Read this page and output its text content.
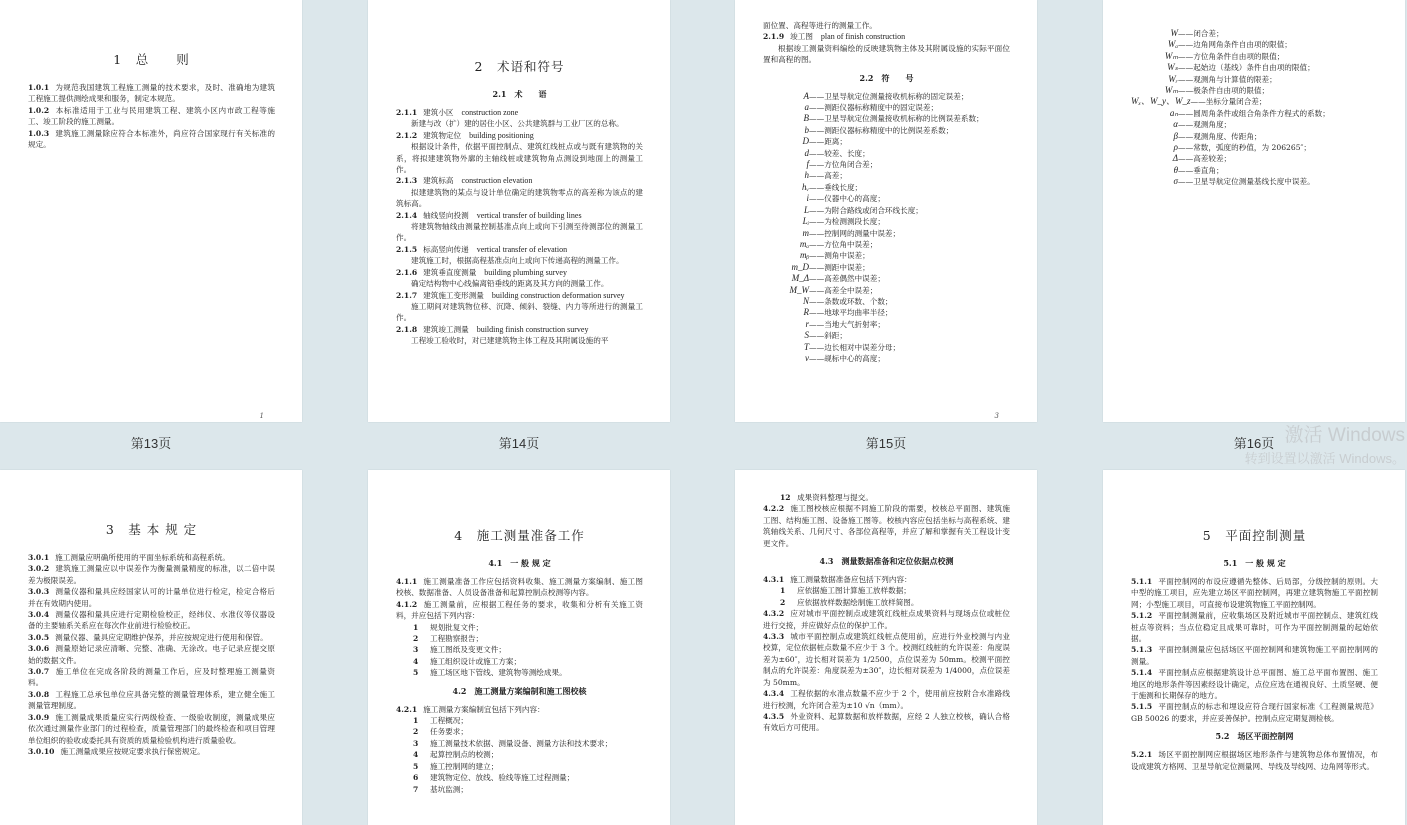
1　总　　则

1.0.1 为规范我国建筑工程施工测量的技术要求，及时、准确地为建筑工程施工提供测绘成果和服务，制定本规范。

1.0.2 本标准适用于工业与民用建筑工程、建筑小区内市政工程等施工、竣工阶段的施工测量。

1.0.3 建筑施工测量除应符合本标准外，尚应符合国家现行有关标准的规定。

1
第13页
2　术语和符号
2.1　术　　语

2.1.1 建筑小区 construction zone

新建与改（扩）建的居住小区、公共建筑群与工业厂区的总称。

2.1.2 建筑物定位 building positioning

根据设计条件，依据平面控制点、建筑红线桩点或与既有建筑物的关系，将拟建建筑物外廓的主轴线桩或建筑物角点测设到地面上的测量工作。

2.1.3 建筑标高 construction elevation

拟建建筑物的某点与设计单位确定的建筑物零点的高差称为该点的建筑标高。

2.1.4 轴线竖向投测 vertical transfer of building lines

将建筑物轴线由测量控制基准点向上或向下引测至待测部位的测量工作。

2.1.5 标高竖向传递 vertical transfer of elevation

建筑施工时，根据高程基准点向上或向下传递高程的测量工作。

2.1.6 建筑垂直度测量 building plumbing survey

确定结构物中心线偏离铅垂线的距离及其方向的测量工作。

2.1.7 建筑施工变形测量 building construction deformation survey

施工期间对建筑物位移、沉降、倾斜、裂缝、内力等所进行的测量工作。

2.1.8 建筑竣工测量 building finish construction survey

工程竣工验收时，对已建建筑物主体工程及其附属设施的平

第14页

面位置、高程等进行的测量工作。

2.1.9 竣工图 plan of finish construction

根据竣工测量资料编绘的反映建筑物主体及其附属设施的实际平面位置和高程的图。

2.2　符　　号
A——卫星导航定位测量接收机标称的固定误差；
a——测距仪器标称精度中的固定误差；
B——卫星导航定位测量接收机标称的比例误差系数；
b——测距仪器标称精度中的比例误差系数；
D——距离；
d——较差、长度；
f——方位角闭合差；
h——高差；
hᵥ——垂线长度；
i——仪器中心的高度；
L——为附合路线或闭合环线长度；
Lᵢ——为检测测段长度；
m——控制网的测量中误差；
mₐ——方位角中误差；
mᵦ——测角中误差；
m_D——测距中误差；
M_Δ——高差偶然中误差；
M_W——高差全中误差；
N——条数或环数、个数；
R——地球平均曲率半径；
r——当地大气折射率；
S——斜距；
T——边长相对中误差分母；
v——觇标中心的高度；
3
第15页
W——闭合差；
Wₐ——边角网角条件自由项的限值；
Wₘ——方位角条件自由项的限值；
Wₛ——起始边（基线）条件自由项的限值；
Wᵣ——观测角与计算值的限差；
Wₘ——极条件自由项的限值；
Wₓ、W_y、W_z——坐标分量闭合差；
aₙ——圆周角条件或组合角条件方程式的系数；
α——观测角度；
β——观测角度、传距角；
ρ——常数，弧度的秒值，为 206265″；
Δ——高差较差；
θ——垂直角；
σ——卫星导航定位测量基线长度中误差。
第16页
3　基 本 规 定

3.0.1 施工测量应明确所使用的平面坐标系统和高程系统。

3.0.2 建筑施工测量应以中误差作为衡量测量精度的标准，以二倍中误差为极限误差。

3.0.3 测量仪器和量具应经国家认可的计量单位进行检定，检定合格后并在有效期内使用。

3.0.4 测量仪器和量具应进行定期检验校正，经纬仪、水准仪等仪器设备的主要轴系关系应在每次作业前进行检验校正。

3.0.5 测量仪器、量具应定期维护保养，并应按规定进行使用和保管。

3.0.6 测量原始记录应清晰、完整、准确、无涂改。电子记录应提交原始的数据文件。

3.0.7 施工单位在完成各阶段的测量工作后，应及时整理施工测量资料。

3.0.8 工程施工总承包单位应具备完整的测量管理体系，建立健全施工测量管理制度。

3.0.9 施工测量成果质量应实行两级检查、一级验收制度，测量成果应依次通过测量作业部门的过程检查，质量管理部门的最终检查和项目管理单位组织的验收或委托具有资质的质量检验机构进行质量验收。

3.0.10 施工测量成果应按规定要求执行保密规定。

4　施工测量准备工作
4.1　一 般 规 定

4.1.1 施工测量准备工作应包括资料收集、施工测量方案编制、施工图校核、数据准备、人员设备准备和起算控制点校测等内容。

4.1.2 施工测量前，应根据工程任务的要求，收集和分析有关施工资料，并应包括下列内容：

1 规划批复文件；
2 工程勘察报告；
3 施工图纸及变更文件；
4 施工组织设计或施工方案；
5 施工场区地下管线、建筑物等测绘成果。
4.2　施工测量方案编制和施工图校核

4.2.1 施工测量方案编制宜包括下列内容：

1 工程概况；
2 任务要求；
3 施工测量技术依据、测量设备、测量方法和技术要求；
4 起算控制点的校测；
5 施工控制网的建立；
6 建筑物定位、放线、验线等施工过程测量；
7 基坑监测；
12 成果资料整理与提交。

4.2.2 施工图校核应根据不同施工阶段的需要，校核总平面图、建筑施工图、结构施工图、设备施工图等。校核内容应包括坐标与高程系统、建筑轴线关系、几何尺寸、各部位高程等，并应了解和掌握有关工程设计变更文件。

4.3　测量数据准备和定位依据点校测

4.3.1 施工测量数据准备应包括下列内容：

1 应依据施工图计算施工放样数据；
2 应依据放样数据绘制施工放样简图。

4.3.2 应对城市平面控制点或建筑红线桩点成果资料与现场点位或桩位进行交接，并应做好点位的保护工作。

4.3.3 城市平面控制点或建筑红线桩点使用前，应进行外业校测与内业校算，定位依据桩点数量不应少于 3 个。校测红线桩的允许误差：角度误差为±60″，边长相对误差为 1/2500，点位误差为 50mm。校测平面控制点的允许误差：角度误差为±30″，边长相对误差为 1/4000，点位误差为 50mm。

4.3.4 工程依据的水准点数量不应少于 2 个，使用前应按附合水准路线进行校测，允许闭合差为±10 √n（mm）。

4.3.5 外业资料、起算数据和放样数据，应经 2 人独立校核，确认合格有效后方可使用。

5　平面控制测量
5.1　一 般 规 定

5.1.1 平面控制网的布设应遵循先整体、后局部，分级控制的原则。大中型的施工项目，应先建立场区平面控制网，再建立建筑物施工平面控制网；小型施工项目，可直接布设建筑物施工平面控制网。

5.1.2 平面控制测量前，应收集场区及附近城市平面控制点、建筑红线桩点等资料；当点位稳定且成果可靠时，可作为平面控制测量的起始依据。

5.1.3 平面控制测量应包括场区平面控制网和建筑物施工平面控制网的测量。

5.1.4 平面控制点应根据建筑设计总平面图、施工总平面布置图、施工地区的地形条件等因素经设计确定，点位应选在通视良好、土质坚硬、便于施测和长期保存的地方。

5.1.5 平面控制点的标志和埋设应符合现行国家标准《工程测量规范》GB 50026 的要求，并应妥善保护。控制点应定期复测检核。

5.2　场区平面控制网

5.2.1 场区平面控制网应根据场区地形条件与建筑物总体布置情况，布设成建筑方格网、卫星导航定位测量网、导线及导线网、边角网等形式。

激活 Windows
转到设置以激活 Windows。
